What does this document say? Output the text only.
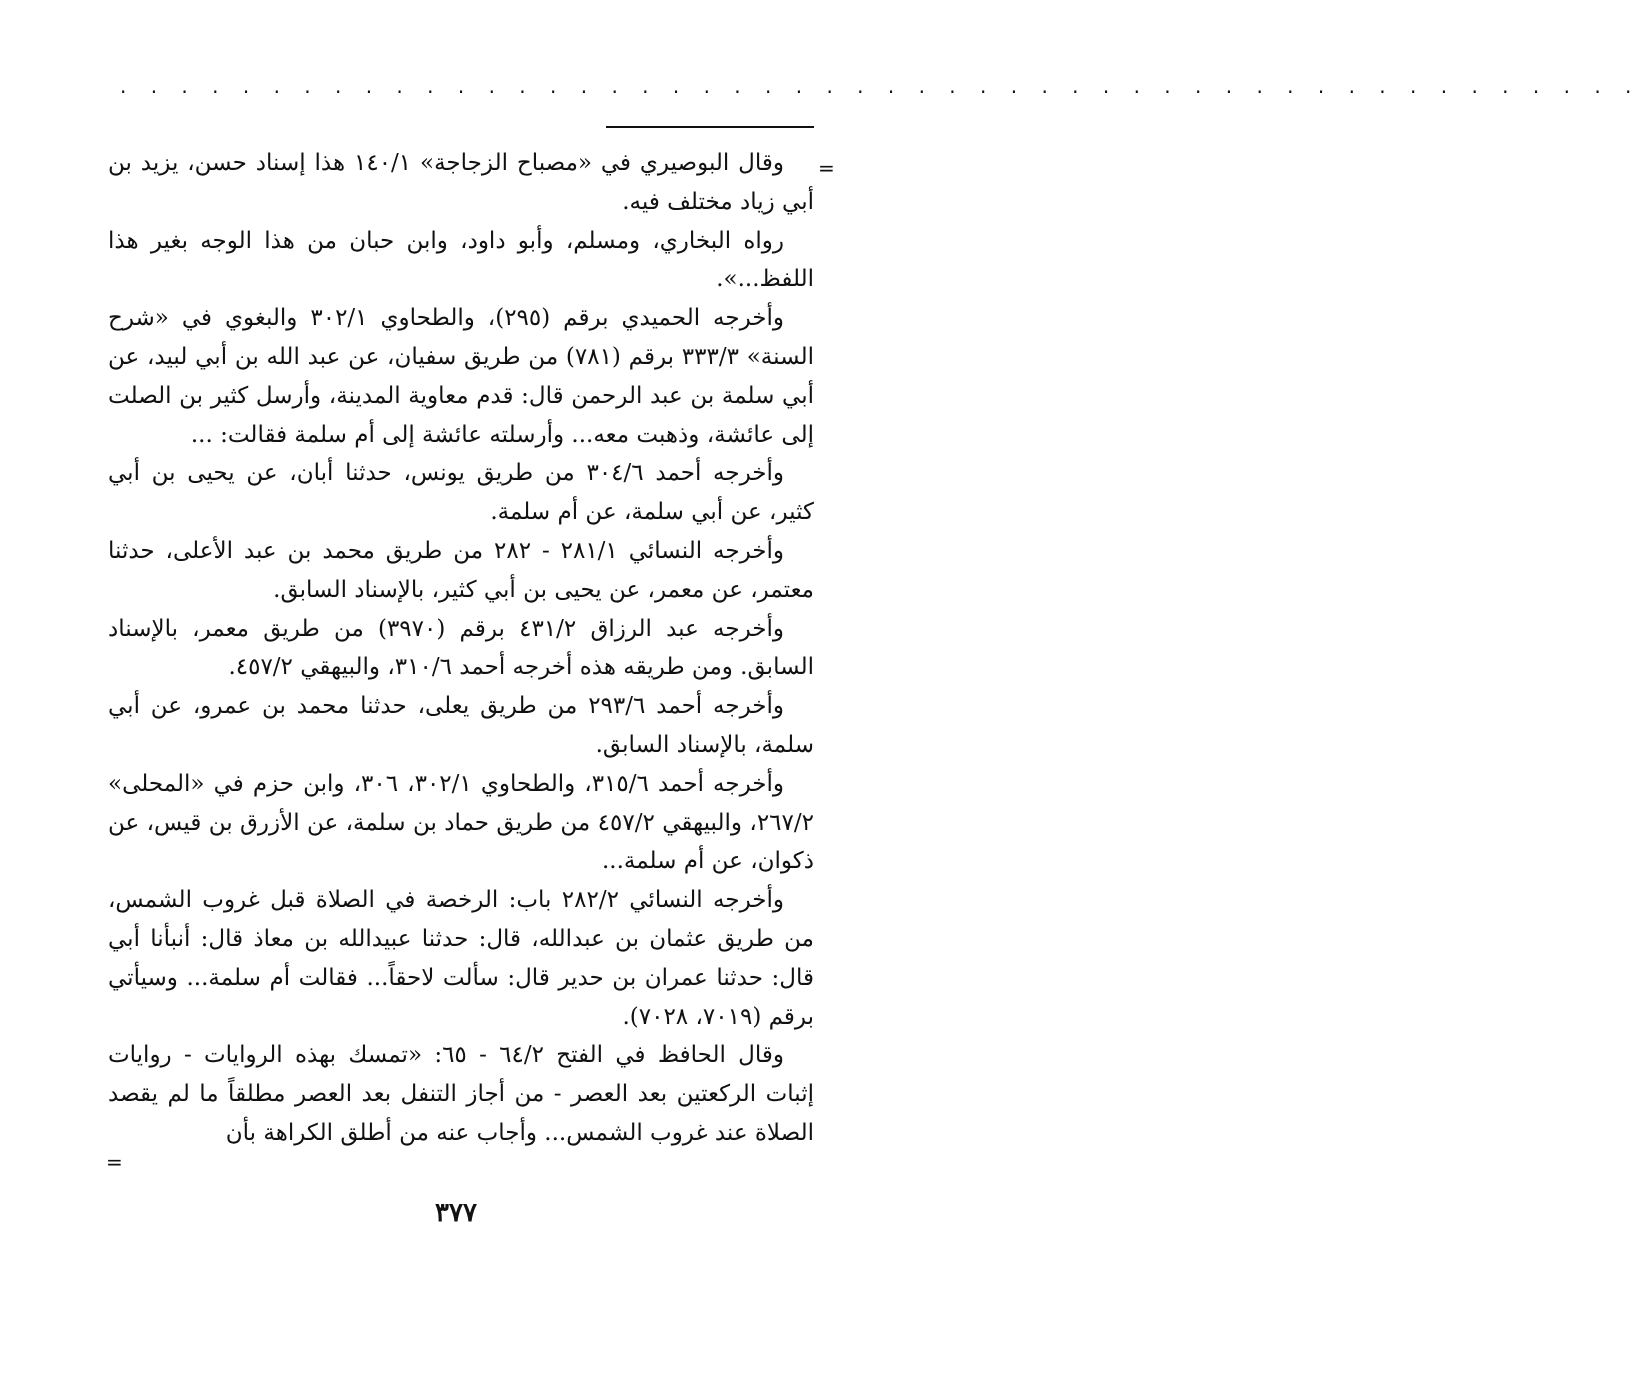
· · · · · · · · · · · · · · · · · · · · · · · · · · · · · · · · · · · · · · · · · · · · · · · · · ·
=

وقال البوصيري في «مصباح الزجاجة» ١٤٠/١ هذا إسناد حسن، يزيد بن أبي زياد مختلف فيه.

رواه البخاري، ومسلم، وأبو داود، وابن حبان من هذا الوجه بغير هذا اللفظ...».

وأخرجه الحميدي برقم (٢٩٥)، والطحاوي ٣٠٢/١ والبغوي في «شرح السنة» ٣٣٣/٣ برقم (٧٨١) من طريق سفيان، عن عبد الله بن أبي لبيد، عن أبي سلمة بن عبد الرحمن قال: قدم معاوية المدينة، وأرسل كثير بن الصلت إلى عائشة، وذهبت معه... وأرسلته عائشة إلى أم سلمة فقالت: ...

وأخرجه أحمد ٣٠٤/٦ من طريق يونس، حدثنا أبان، عن يحيى بن أبي كثير، عن أبي سلمة، عن أم سلمة.

وأخرجه النسائي ٢٨١/١ - ٢٨٢ من طريق محمد بن عبد الأعلى، حدثنا معتمر، عن معمر، عن يحيى بن أبي كثير، بالإسناد السابق.

وأخرجه عبد الرزاق ٤٣١/٢ برقم (٣٩٧٠) من طريق معمر، بالإسناد السابق. ومن طريقه هذه أخرجه أحمد ٣١٠/٦، والبيهقي ٤٥٧/٢.

وأخرجه أحمد ٢٩٣/٦ من طريق يعلى، حدثنا محمد بن عمرو، عن أبي سلمة، بالإسناد السابق.

وأخرجه أحمد ٣١٥/٦، والطحاوي ٣٠٢/١، ٣٠٦، وابن حزم في «المحلى» ٢٦٧/٢، والبيهقي ٤٥٧/٢ من طريق حماد بن سلمة، عن الأزرق بن قيس، عن ذكوان، عن أم سلمة...

وأخرجه النسائي ٢٨٢/٢ باب: الرخصة في الصلاة قبل غروب الشمس، من طريق عثمان بن عبدالله، قال: حدثنا عبيدالله بن معاذ قال: أنبأنا أبي قال: حدثنا عمران بن حدير قال: سألت لاحقاً... فقالت أم سلمة... وسيأتي برقم (٧٠١٩، ٧٠٢٨).

وقال الحافظ في الفتح ٦٤/٢ - ٦٥: «تمسك بهذه الروايات - روايات إثبات الركعتين بعد العصر - من أجاز التنفل بعد العصر مطلقاً ما لم يقصد الصلاة عند غروب الشمس... وأجاب عنه من أطلق الكراهة بأن

=
٣٧٧
